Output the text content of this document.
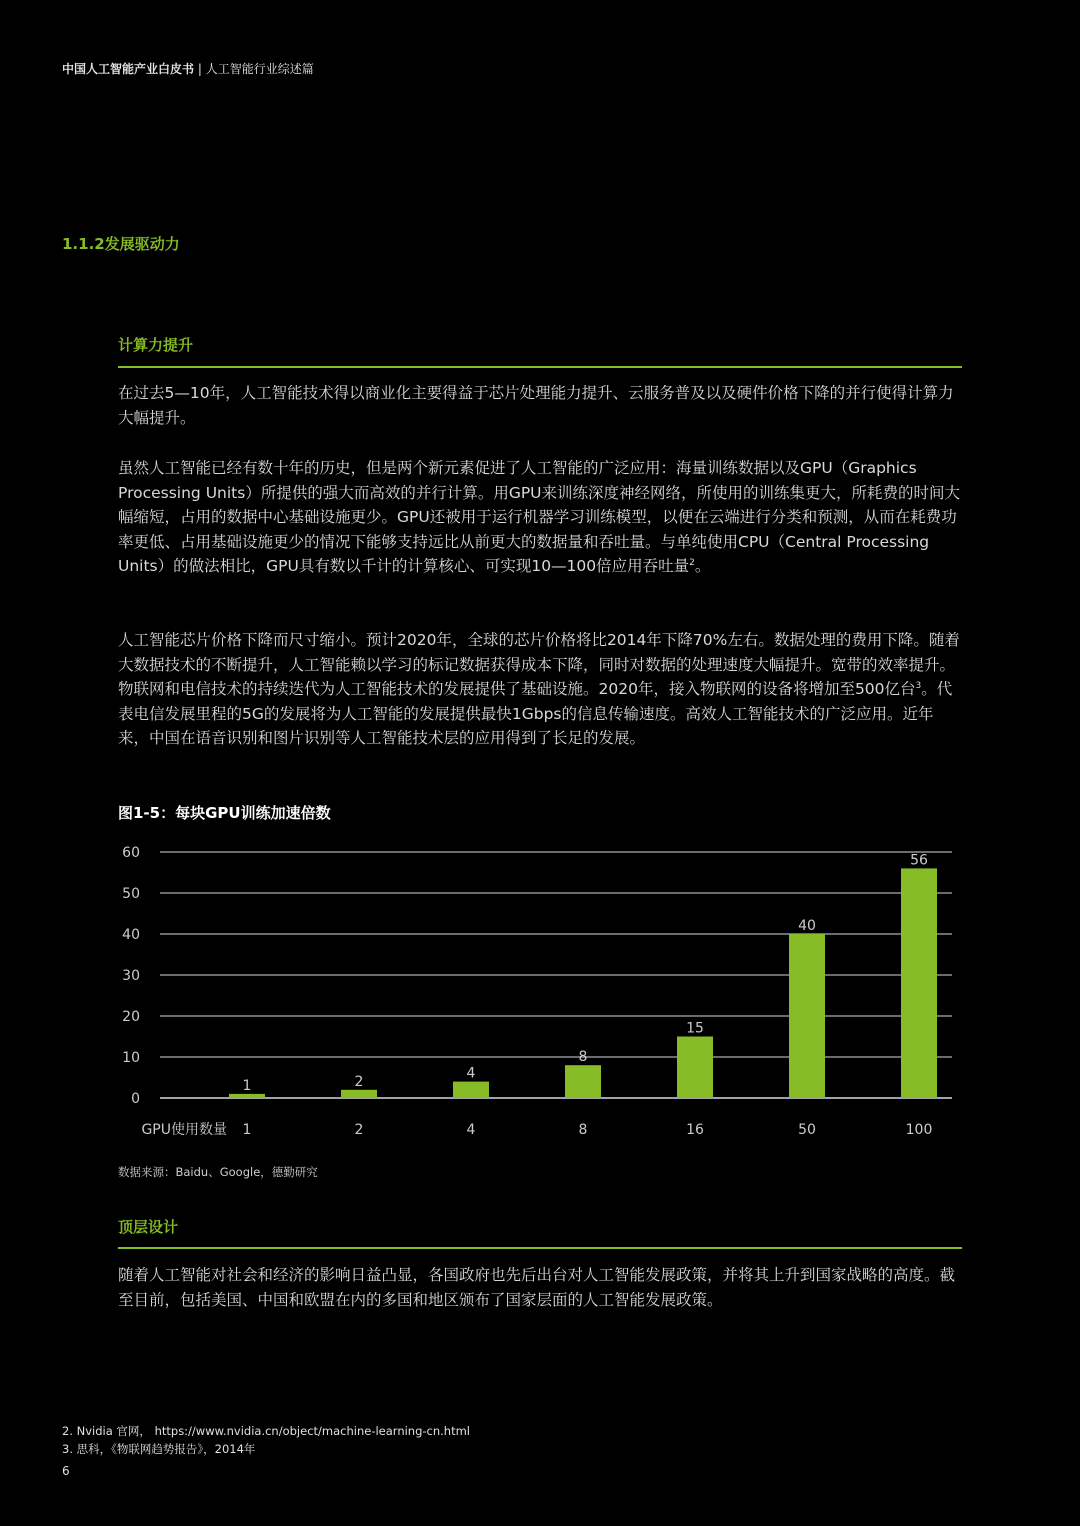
中国人工智能产业白皮书 | 人工智能行业综述篇
1.1.2发展驱动力
计算力提升
在过去5—10年，人工智能技术得以商业化主要得益于芯片处理能力提升、云服务普及以及硬件价格下降的并行使得计算力大幅提升。
虽然人工智能已经有数十年的历史，但是两个新元素促进了人工智能的广泛应用：海量训练数据以及GPU（Graphics Processing Units）所提供的强大而高效的并行计算。用GPU来训练深度神经网络，所使用的训练集更大，所耗费的时间大幅缩短，占用的数据中心基础设施更少。GPU还被用于运行机器学习训练模型，以便在云端进行分类和预测，从而在耗费功率更低、占用基础设施更少的情况下能够支持远比从前更大的数据量和吞吐量。与单纯使用CPU（Central Processing Units）的做法相比，GPU具有数以千计的计算核心、可实现10—100倍应用吞吐量$^2$。
人工智能芯片价格下降而尺寸缩小。预计2020年，全球的芯片价格将比2014年下降70%左右。数据处理的费用下降。随着大数据技术的不断提升，人工智能赖以学习的标记数据获得成本下降，同时对数据的处理速度大幅提升。宽带的效率提升。物联网和电信技术的持续迭代为人工智能技术的发展提供了基础设施。2020年，接入物联网的设备将增加至500亿台$^3$。代表电信发展里程的5G的发展将为人工智能的发展提供最快1Gbps的信息传输速度。高效人工智能技术的广泛应用。近年来，中国在语音识别和图片识别等人工智能技术层的应用得到了长足的发展。
图1-5：每块GPU训练加速倍数
0
10
20
30
40
50
60
1
1
2
2
4
4
8
8
15
16
40
50
56
100
GPU使用数量
数据来源：Baidu、Google，德勤研究
顶层设计
随着人工智能对社会和经济的影响日益凸显，各国政府也先后出台对人工智能发展政策，并将其上升到国家战略的高度。截至目前，包括美国、中国和欧盟在内的多国和地区颁布了国家层面的人工智能发展政策。
2. Nvidia 官网， https://www.nvidia.cn/object/machine-learning-cn.html
3. 思科，《物联网趋势报告》，2014年
6
